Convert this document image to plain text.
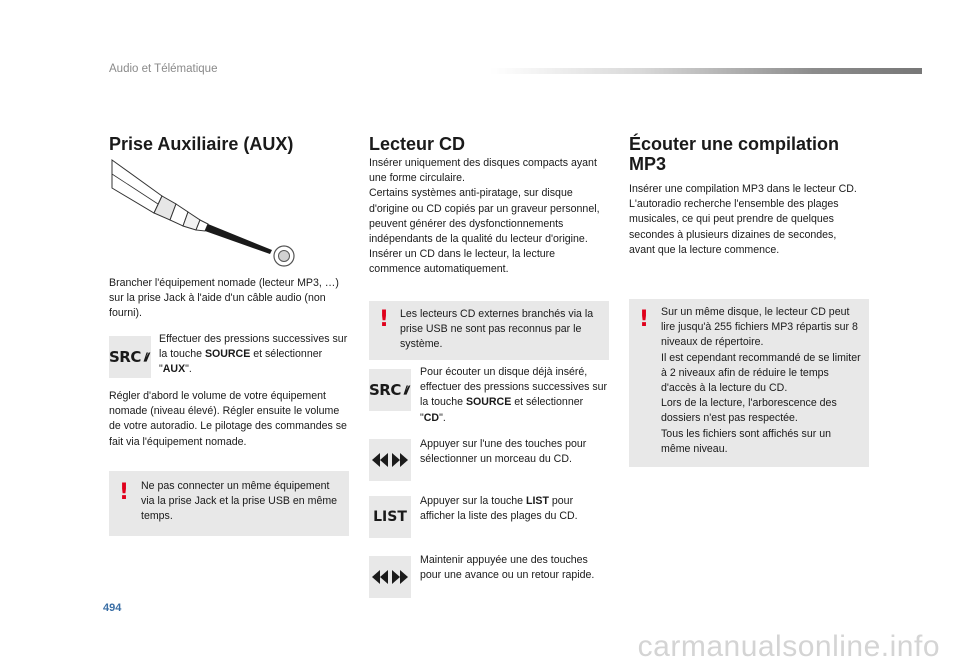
Audio et Télématique
Prise Auxiliaire (AUX)
Brancher l'équipement nomade (lecteur MP3, …) sur la prise Jack à l'aide d'un câble audio (non fourni).
SRC
Effectuer des pressions successives sur la touche SOURCE et sélectionner "AUX".
Régler d'abord le volume de votre équipement nomade (niveau élevé). Régler ensuite le volume de votre autoradio. Le pilotage des commandes se fait via l'équipement nomade.
! Ne pas connecter un même équipement via la prise Jack et la prise USB en même temps.
Lecteur CD
Insérer uniquement des disques compacts ayant une forme circulaire.
Certains systèmes anti-piratage, sur disque d'origine ou CD copiés par un graveur personnel, peuvent générer des dysfonctionnements indépendants de la qualité du lecteur d'origine.
Insérer un CD dans le lecteur, la lecture commence automatiquement.
! Les lecteurs CD externes branchés via la prise USB ne sont pas reconnus par le système.
SRC
Pour écouter un disque déjà inséré, effectuer des pressions successives sur la touche SOURCE et sélectionner "CD".
Appuyer sur l'une des touches pour sélectionner un morceau du CD.
LIST
Appuyer sur la touche LIST pour afficher la liste des plages du CD.
Maintenir appuyée une des touches pour une avance ou un retour rapide.
Écouter une compilation MP3
Insérer une compilation MP3 dans le lecteur CD.
L'autoradio recherche l'ensemble des plages musicales, ce qui peut prendre de quelques secondes à plusieurs dizaines de secondes, avant que la lecture commence.
! Sur un même disque, le lecteur CD peut lire jusqu'à 255 fichiers MP3 répartis sur 8 niveaux de répertoire.
Il est cependant recommandé de se limiter à 2 niveaux afin de réduire le temps d'accès à la lecture du CD.
Lors de la lecture, l'arborescence des dossiers n'est pas respectée.
Tous les fichiers sont affichés sur un même niveau.
494
carmanualsonline.info
